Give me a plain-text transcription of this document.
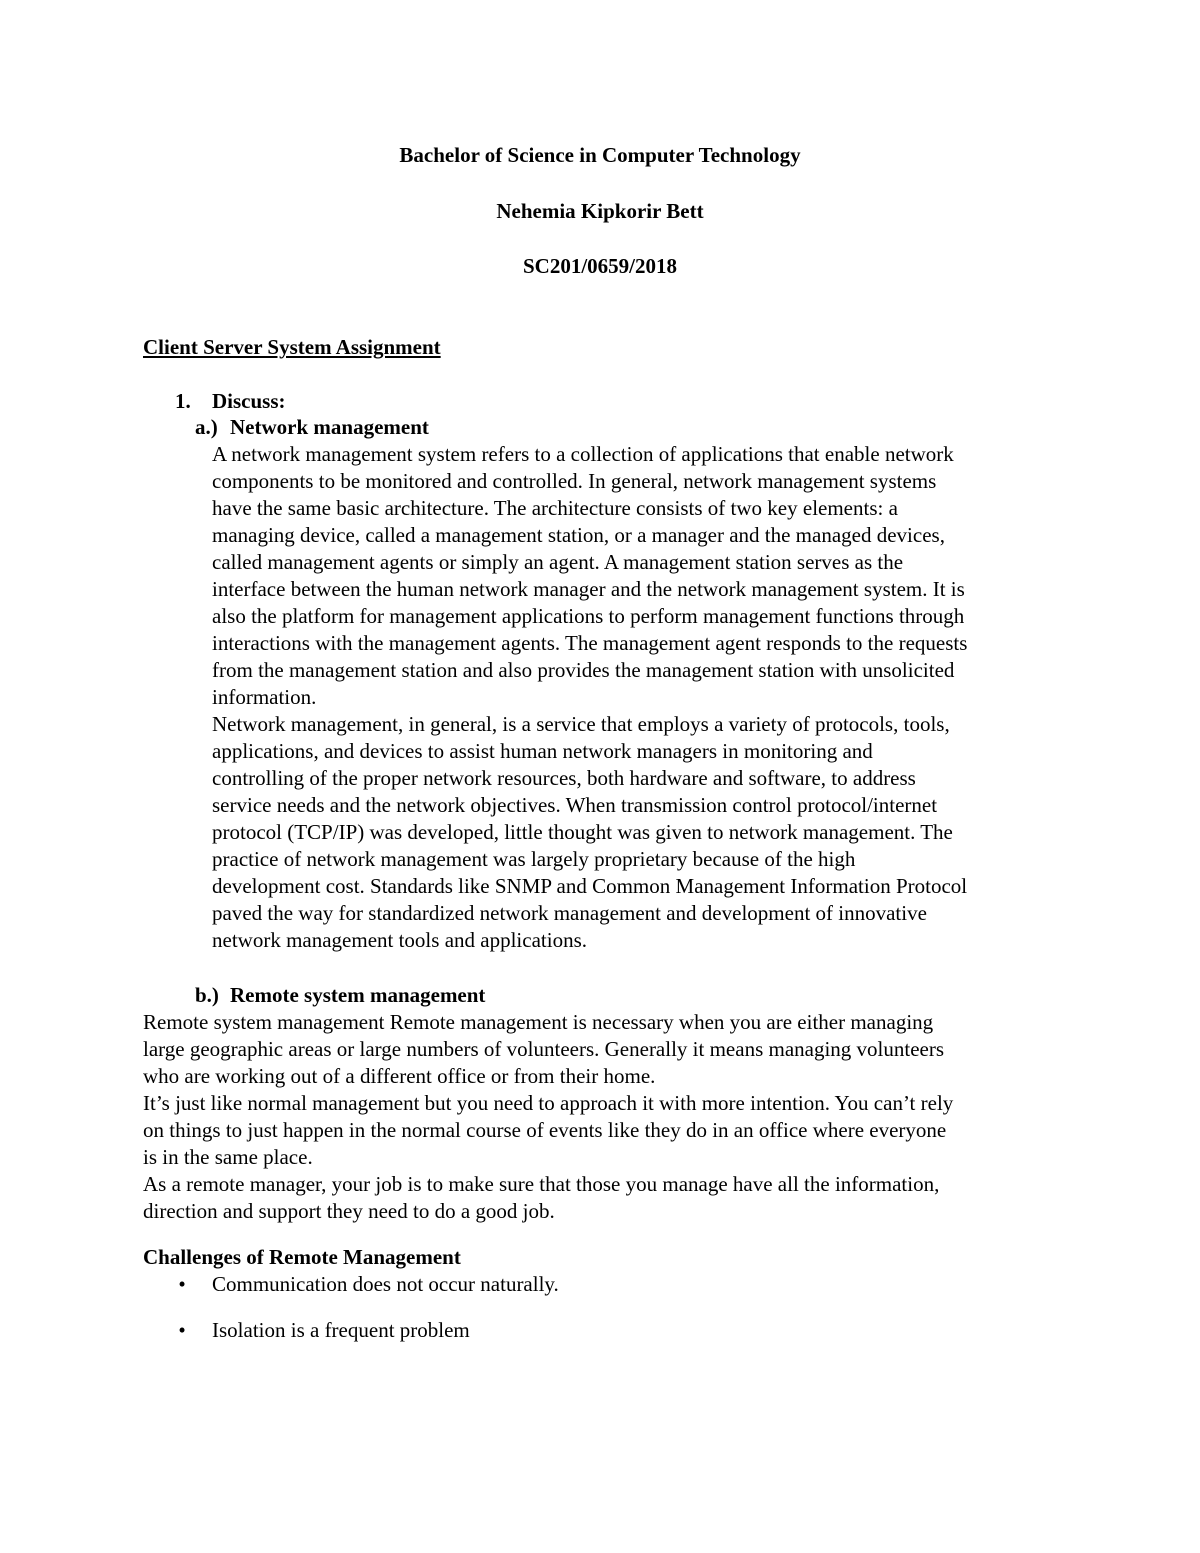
Bachelor of Science in Computer Technology
Nehemia Kipkorir Bett
SC201/0659/2018
Client Server System Assignment
1. Discuss:
a.) Network management
A network management system refers to a collection of applications that enable network
components to be monitored and controlled. In general, network management systems
have the same basic architecture. The architecture consists of two key elements: a
managing device, called a management station, or a manager and the managed devices,
called management agents or simply an agent. A management station serves as the
interface between the human network manager and the network management system. It is
also the platform for management applications to perform management functions through
interactions with the management agents. The management agent responds to the requests
from the management station and also provides the management station with unsolicited
information.
Network management, in general, is a service that employs a variety of protocols, tools,
applications, and devices to assist human network managers in monitoring and
controlling of the proper network resources, both hardware and software, to address
service needs and the network objectives. When transmission control protocol/internet
protocol (TCP/IP) was developed, little thought was given to network management. The
practice of network management was largely proprietary because of the high
development cost. Standards like SNMP and Common Management Information Protocol
paved the way for standardized network management and development of innovative
network management tools and applications.
b.) Remote system management
Remote system management Remote management is necessary when you are either managing
large geographic areas or large numbers of volunteers. Generally it means managing volunteers
who are working out of a different office or from their home.
It’s just like normal management but you need to approach it with more intention. You can’t rely
on things to just happen in the normal course of events like they do in an office where everyone
is in the same place.
As a remote manager, your job is to make sure that those you manage have all the information,
direction and support they need to do a good job.
Challenges of Remote Management
•	Communication does not occur naturally.
•	Isolation is a frequent problem
